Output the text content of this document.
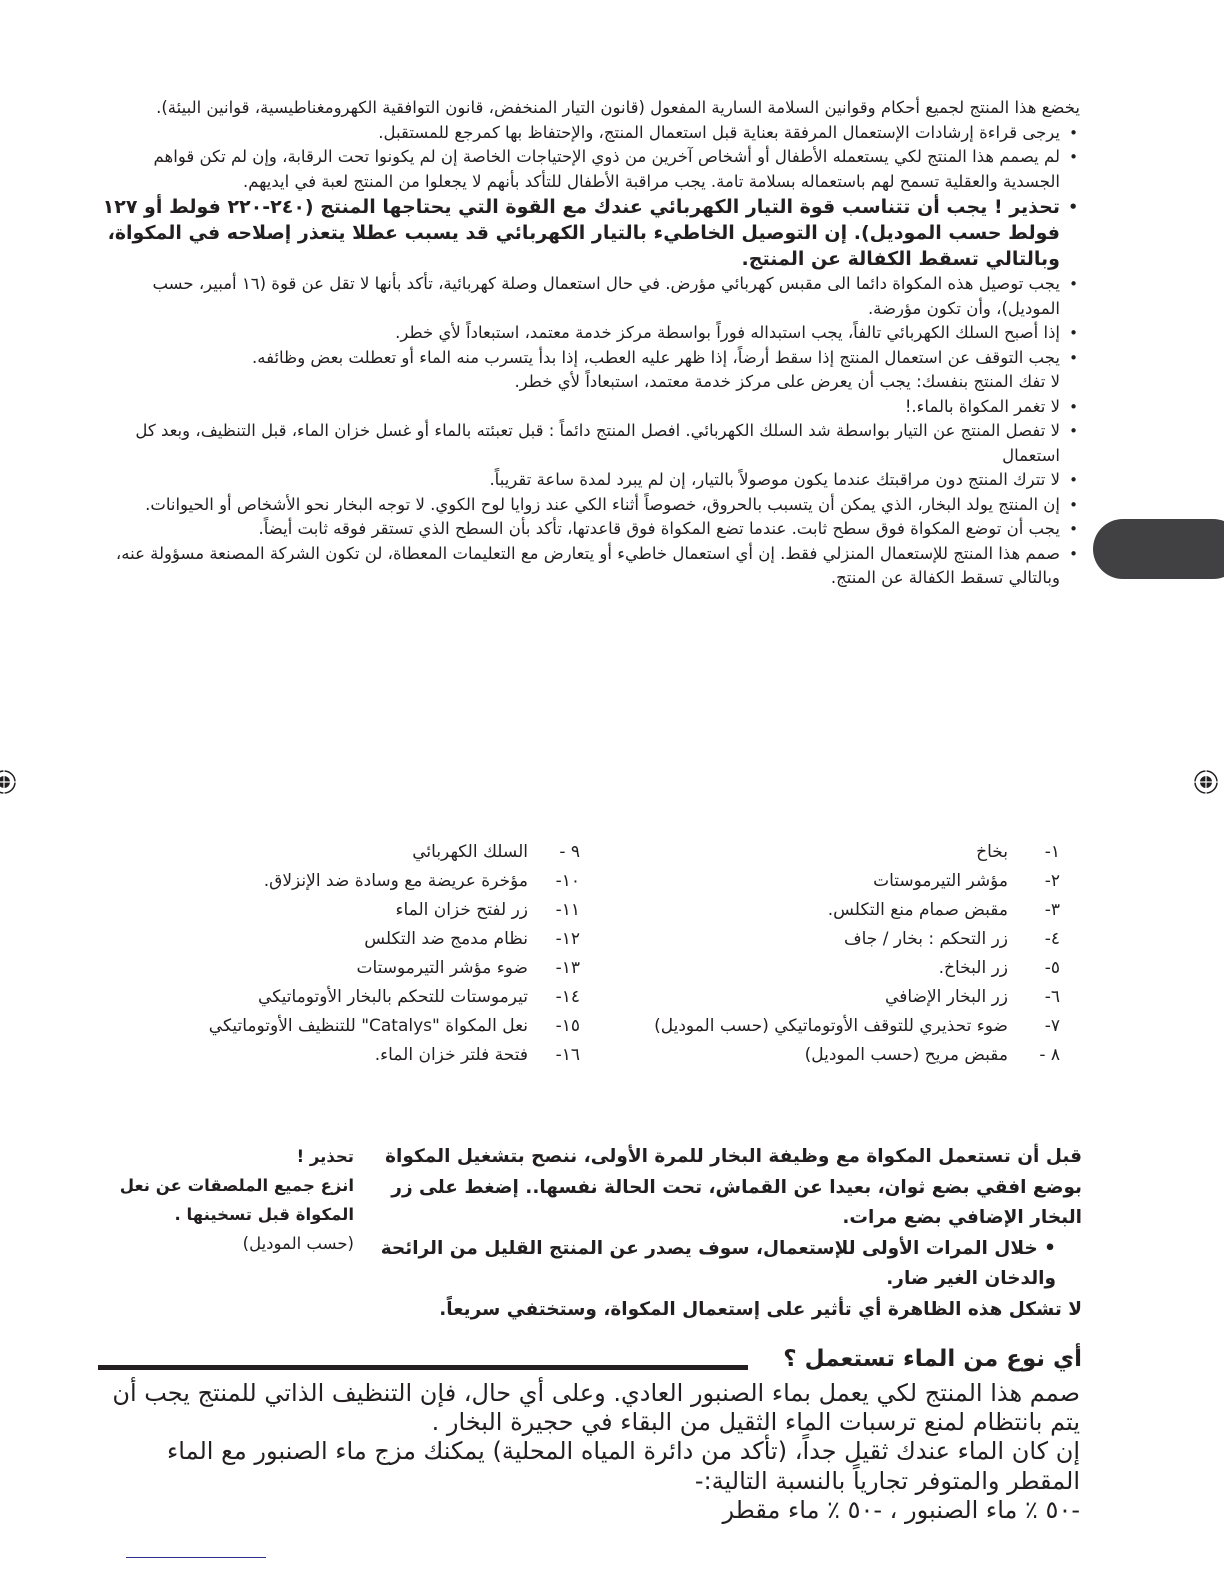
يخضع هذا المنتج لجميع أحكام وقوانين السلامة السارية المفعول (قانون التيار المنخفض، قانون التوافقية الكهرومغناطيسية، قوانين البيئة).

• يرجى قراءة إرشادات الإستعمال المرفقة بعناية قبل استعمال المنتج، والإحتفاظ بها كمرجع للمستقبل.
• لم يصمم هذا المنتج لكي يستعمله الأطفال أو أشخاص آخرين من ذوي الإحتياجات الخاصة إن لم يكونوا تحت الرقابة، وإن لم تكن قواهم الجسدية والعقلية تسمح لهم باستعماله بسلامة تامة. يجب مراقبة الأطفال للتأكد بأنهم لا يجعلوا من المنتج لعبة في ايديهم.
• تحذير ! يجب أن تتناسب قوة التيار الكهربائي عندك مع القوة التي يحتاجها المنتج (٢٤٠-٢٢٠ فولط أو ١٢٧ فولط حسب الموديل). إن التوصيل الخاطيء بالتيار الكهربائي قد يسبب عطلا يتعذر إصلاحه في المكواة، وبالتالي تسقط الكفالة عن المنتج.
• يجب توصيل هذه المكواة دائما الى مقبس كهربائي مؤرض. في حال استعمال وصلة كهربائية، تأكد بأنها لا تقل عن قوة (١٦ أمبير، حسب الموديل)، وأن تكون مؤرضة.
• إذا أصبح السلك الكهربائي تالفاً، يجب استبداله فوراً بواسطة مركز خدمة معتمد، استبعاداً لأي خطر.
• يجب التوقف عن استعمال المنتج إذا سقط أرضاً، إذا ظهر عليه العطب، إذا بدأ يتسرب منه الماء أو تعطلت بعض وظائفه.
لا تفك المنتج بنفسك: يجب أن يعرض على مركز خدمة معتمد، استبعاداً لأي خطر.
• لا تغمر المكواة بالماء.!
• لا تفصل المنتج عن التيار بواسطة شد السلك الكهربائي. افصل المنتج دائماً : قبل تعبئته بالماء أو غسل خزان الماء، قبل التنظيف، وبعد كل استعمال
• لا تترك المنتج دون مراقبتك عندما يكون موصولاً بالتيار، إن لم يبرد لمدة ساعة تقريباً.
• إن المنتج يولد البخار، الذي يمكن أن يتسبب بالحروق، خصوصاً أثناء الكي عند زوايا لوح الكوي. لا توجه البخار نحو الأشخاص أو الحيوانات.
• يجب أن توضع المكواة فوق سطح ثابت. عندما تضع المكواة فوق قاعدتها، تأكد بأن السطح الذي تستقر فوقه ثابت أيضاً.
• صمم هذا المنتج للإستعمال المنزلي فقط. إن أي استعمال خاطيء أو يتعارض مع التعليمات المعطاة، لن تكون الشركة المصنعة مسؤولة عنه، وبالتالي تسقط الكفالة عن المنتج.
١-بخاخ
٢-مؤشر التيرموستات
٣-مقبض صمام منع التكلس.
٤-زر التحكم : بخار / جاف
٥-زر البخاخ.
٦-زر البخار الإضافي
٧-ضوء تحذيري للتوقف الأوتوماتيكي (حسب الموديل)
٨ -مقبض مريح (حسب الموديل)
٩ -السلك الكهربائي
١٠-مؤخرة عريضة مع وسادة ضد الإنزلاق.
١١-زر لفتح خزان الماء
١٢-نظام مدمج ضد التكلس
١٣-ضوء مؤشر التيرموستات
١٤-تيرموستات للتحكم بالبخار الأوتوماتيكي
١٥-نعل المكواة "Catalys" للتنظيف الأوتوماتيكي
١٦-فتحة فلتر خزان الماء.

قبل أن تستعمل المكواة مع وظيفة البخار للمرة الأولى، ننصح بتشغيل المكواة بوضع افقي بضع ثوان، بعيدا عن القماش، تحت الحالة نفسها.. إضغط على زر البخار الإضافي بضع مرات.

• خلال المرات الأولى للإستعمال، سوف يصدر عن المنتج القليل من الرائحة والدخان الغير ضار.

لا تشكل هذه الظاهرة أي تأثير على إستعمال المكواة، وستختفي سريعاً.

تحذير !

انزع جميع الملصقات عن نعل المكواة قبل تسخينها .

(حسب الموديل)

أي نوع من الماء تستعمل ؟

صمم هذا المنتج لكي يعمل بماء الصنبور العادي. وعلى أي حال، فإن التنظيف الذاتي للمنتج يجب أن يتم بانتظام لمنع ترسبات الماء الثقيل من البقاء في حجيرة البخار .

إن كان الماء عندك ثقيل جداً، (تأكد من دائرة المياه المحلية) يمكنك مزج ماء الصنبور مع الماء المقطر والمتوفر تجارياً بالنسبة التالية:-

-٥٠ ٪ ماء الصنبور ، -٥٠ ٪ ماء مقطر
